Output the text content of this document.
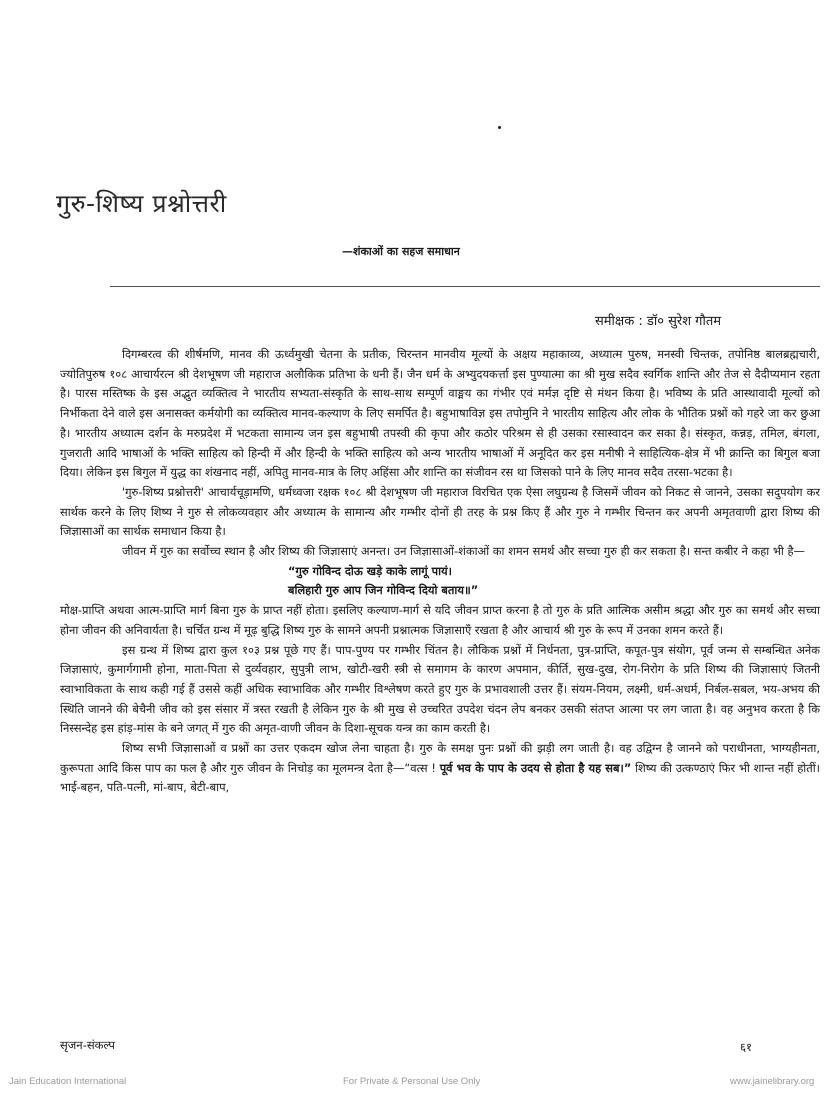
गुरु-शिष्य प्रश्नोत्तरी
—शंकाओं का सहज समाधान
समीक्षक : डॉ० सुरेश गौतम

दिगम्बरत्व की शीर्षमणि, मानव की ऊर्ध्वमुखी चेतना के प्रतीक, चिरन्तन मानवीय मूल्यों के अक्षय महाकाव्य, अध्यात्म पुरुष, मनस्वी चिन्तक, तपोनिष्ठ बालब्रह्मचारी, ज्योतिपुरुष १०८ आचार्यरत्न श्री देशभूषण जी महाराज अलौकिक प्रतिभा के धनी हैं। जैन धर्म के अभ्युदयकर्त्ता इस पुण्यात्मा का श्री मुख सदैव स्वर्गिक शान्ति और तेज से दैदीप्यमान रहता है। पारस मस्तिष्क के इस अद्भुत व्यक्तित्व ने भारतीय सभ्यता-संस्कृति के साथ-साथ सम्पूर्ण वाङ्मय का गंभीर एवं मर्मज्ञ दृष्टि से मंथन किया है। भविष्य के प्रति आस्थावादी मूल्यों को निर्भीकता देने वाले इस अनासक्त कर्मयोगी का व्यक्तित्व मानव-कल्याण के लिए समर्पित है। बहुभाषाविज्ञ इस तपोमुनि ने भारतीय साहित्य और लोक के भौतिक प्रश्नों को गहरे जा कर छुआ है। भारतीय अध्यात्म दर्शन के मरुप्रदेश में भटकता सामान्य जन इस बहुभाषी तपस्वी की कृपा और कठोर परिश्रम से ही उसका रसास्वादन कर सका है। संस्कृत, कन्नड़, तमिल, बंगला, गुजराती आदि भाषाओं के भक्ति साहित्य को हिन्दी में और हिन्दी के भक्ति साहित्य को अन्य भारतीय भाषाओं में अनूदित कर इस मनीषी ने साहित्यिक-क्षेत्र में भी क्रान्ति का बिगुल बजा दिया। लेकिन इस बिगुल में युद्ध का शंखनाद नहीं, अपितु मानव-मात्र के लिए अहिंसा और शान्ति का संजीवन रस था जिसको पाने के लिए मानव सदैव तरसा-भटका है।

'गुरु-शिष्य प्रश्नोत्तरी' आचार्यचूड़ामणि, धर्मध्वजा रक्षक १०८ श्री देशभूषण जी महाराज विरचित एक ऐसा लघुग्रन्थ है जिसमें जीवन को निकट से जानने, उसका सदुपयोग कर सार्थक करने के लिए शिष्य ने गुरु से लोकव्यवहार और अध्यात्म के सामान्य और गम्भीर दोनों ही तरह के प्रश्न किए हैं और गुरु ने गम्भीर चिन्तन कर अपनी अमृतवाणी द्वारा शिष्य की जिज्ञासाओं का सार्थक समाधान किया है।

जीवन में गुरु का सर्वोच्च स्थान है और शिष्य की जिज्ञासाएं अनन्त। उन जिज्ञासाओं-शंकाओं का शमन समर्थ और सच्चा गुरु ही कर सकता है। सन्त कबीर ने कहा भी है—

“गुरु गोविन्द दोऊ खड़े काके लागूं पायं।
बलिहारी गुरु आप जिन गोविन्द दियो बताय॥”

मोक्ष-प्राप्ति अथवा आत्म-प्राप्ति मार्ग बिना गुरु के प्राप्त नहीं होता। इसलिए कल्याण-मार्ग से यदि जीवन प्राप्त करना है तो गुरु के प्रति आत्मिक असीम श्रद्धा और गुरु का समर्थ और सच्चा होना जीवन की अनिवार्यता है। चर्चित ग्रन्थ में मूढ़ बुद्धि शिष्य गुरु के सामने अपनी प्रश्नात्मक जिज्ञासाएँ रखता है और आचार्य श्री गुरु के रूप में उनका शमन करते हैं।

इस ग्रन्थ में शिष्य द्वारा कुल १०३ प्रश्न पूछे गए हैं। पाप-पुण्य पर गम्भीर चिंतन है। लौकिक प्रश्नों में निर्धनता, पुत्र-प्राप्ति, कपूत-पुत्र संयोग, पूर्व जन्म से सम्बन्धित अनेक जिज्ञासाएं, कुमार्गगामी होना, माता-पिता से दुर्व्यवहार, सुपुत्री लाभ, खोटी-खरी स्त्री से समागम के कारण अपमान, कीर्ति, सुख-दुख, रोग-निरोग के प्रति शिष्य की जिज्ञासाएं जितनी स्वाभाविकता के साथ कही गई हैं उससे कहीं अधिक स्वाभाविक और गम्भीर विश्लेषण करते हुए गुरु के प्रभावशाली उत्तर हैं। संयम-नियम, लक्ष्मी, धर्म-अधर्म, निर्बल-सबल, भय-अभय की स्थिति जानने की बेचैनी जीव को इस संसार में त्रस्त रखती है लेकिन गुरु के श्री मुख से उच्चरित उपदेश चंदन लेप बनकर उसकी संतप्त आत्मा पर लग जाता है। वह अनुभव करता है कि निस्सन्देह इस हांड़-मांस के बने जगत् में गुरु की अमृत-वाणी जीवन के दिशा-सूचक यन्त्र का काम करती है।

शिष्य सभी जिज्ञासाओं व प्रश्नों का उत्तर एकदम खोज लेना चाहता है। गुरु के समक्ष पुनः प्रश्नों की झड़ी लग जाती है। वह उद्विग्न है जानने को पराधीनता, भाग्यहीनता, कुरूपता आदि किस पाप का फल है और गुरु जीवन के निचोड़ का मूलमन्त्र देता है—“वत्स ! पूर्व भव के पाप के उदय से होता है यह सब।” शिष्य की उत्कण्ठाएं फिर भी शान्त नहीं होतीं। भाई-बहन, पति-पत्नी, मां-बाप, बेटी-बाप,

सृजन-संकल्प	६१
Jain Education International	For Private & Personal Use Only	www.jainelibrary.org
